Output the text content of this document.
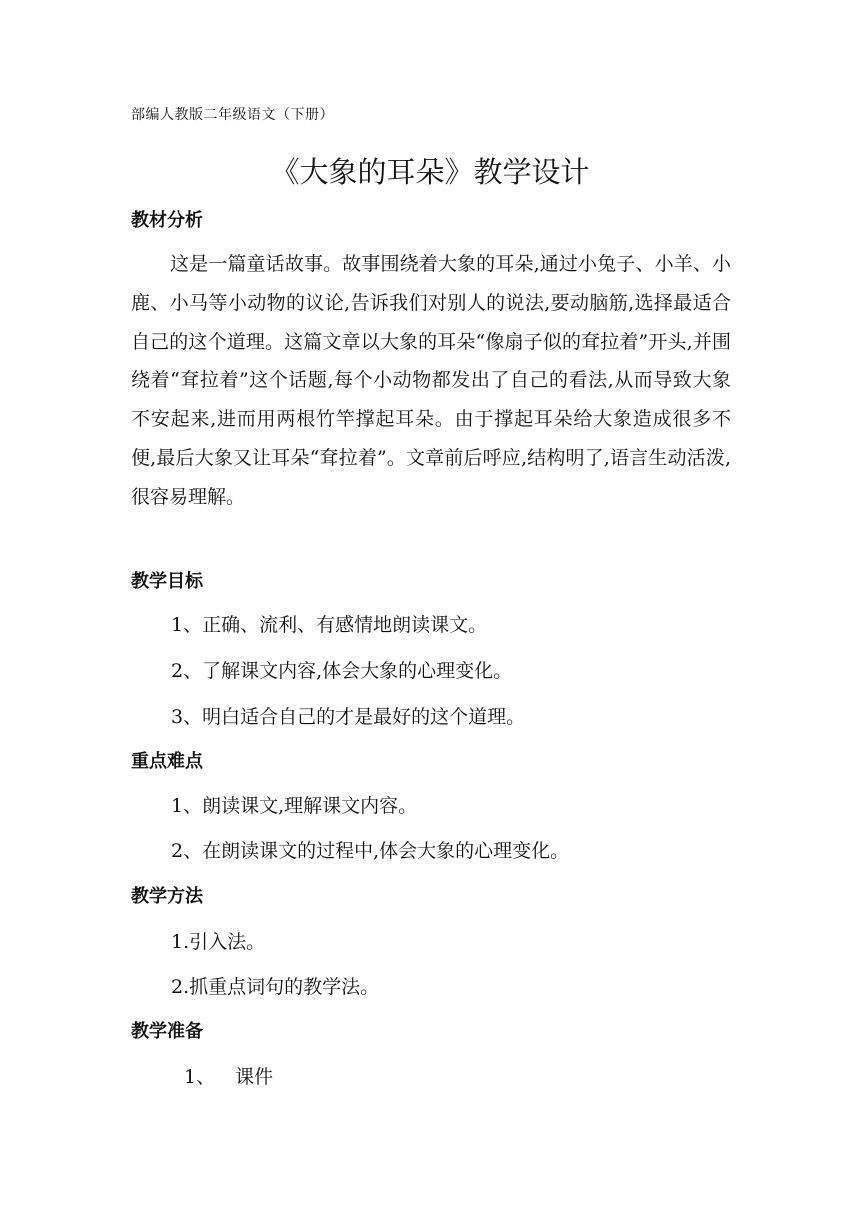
部编人教版二年级语文（下册）
《大象的耳朵》教学设计
教材分析
这是一篇童话故事。故事围绕着大象的耳朵,通过小兔子、小羊、小鹿、小马等小动物的议论,告诉我们对别人的说法,要动脑筋,选择最适合自己的这个道理。这篇文章以大象的耳朵“像扇子似的耷拉着”开头,并围绕着“耷拉着”这个话题,每个小动物都发出了自己的看法,从而导致大象不安起来,进而用两根竹竿撑起耳朵。由于撑起耳朵给大象造成很多不便,最后大象又让耳朵“耷拉着”。文章前后呼应,结构明了,语言生动活泼,很容易理解。
教学目标
1、正确、流利、有感情地朗读课文。
2、了解课文内容,体会大象的心理变化。
3、明白适合自己的才是最好的这个道理。
重点难点
1、朗读课文,理解课文内容。
2、在朗读课文的过程中,体会大象的心理变化。
教学方法
1.引入法。
2.抓重点词句的教学法。
教学准备
1、 课件
